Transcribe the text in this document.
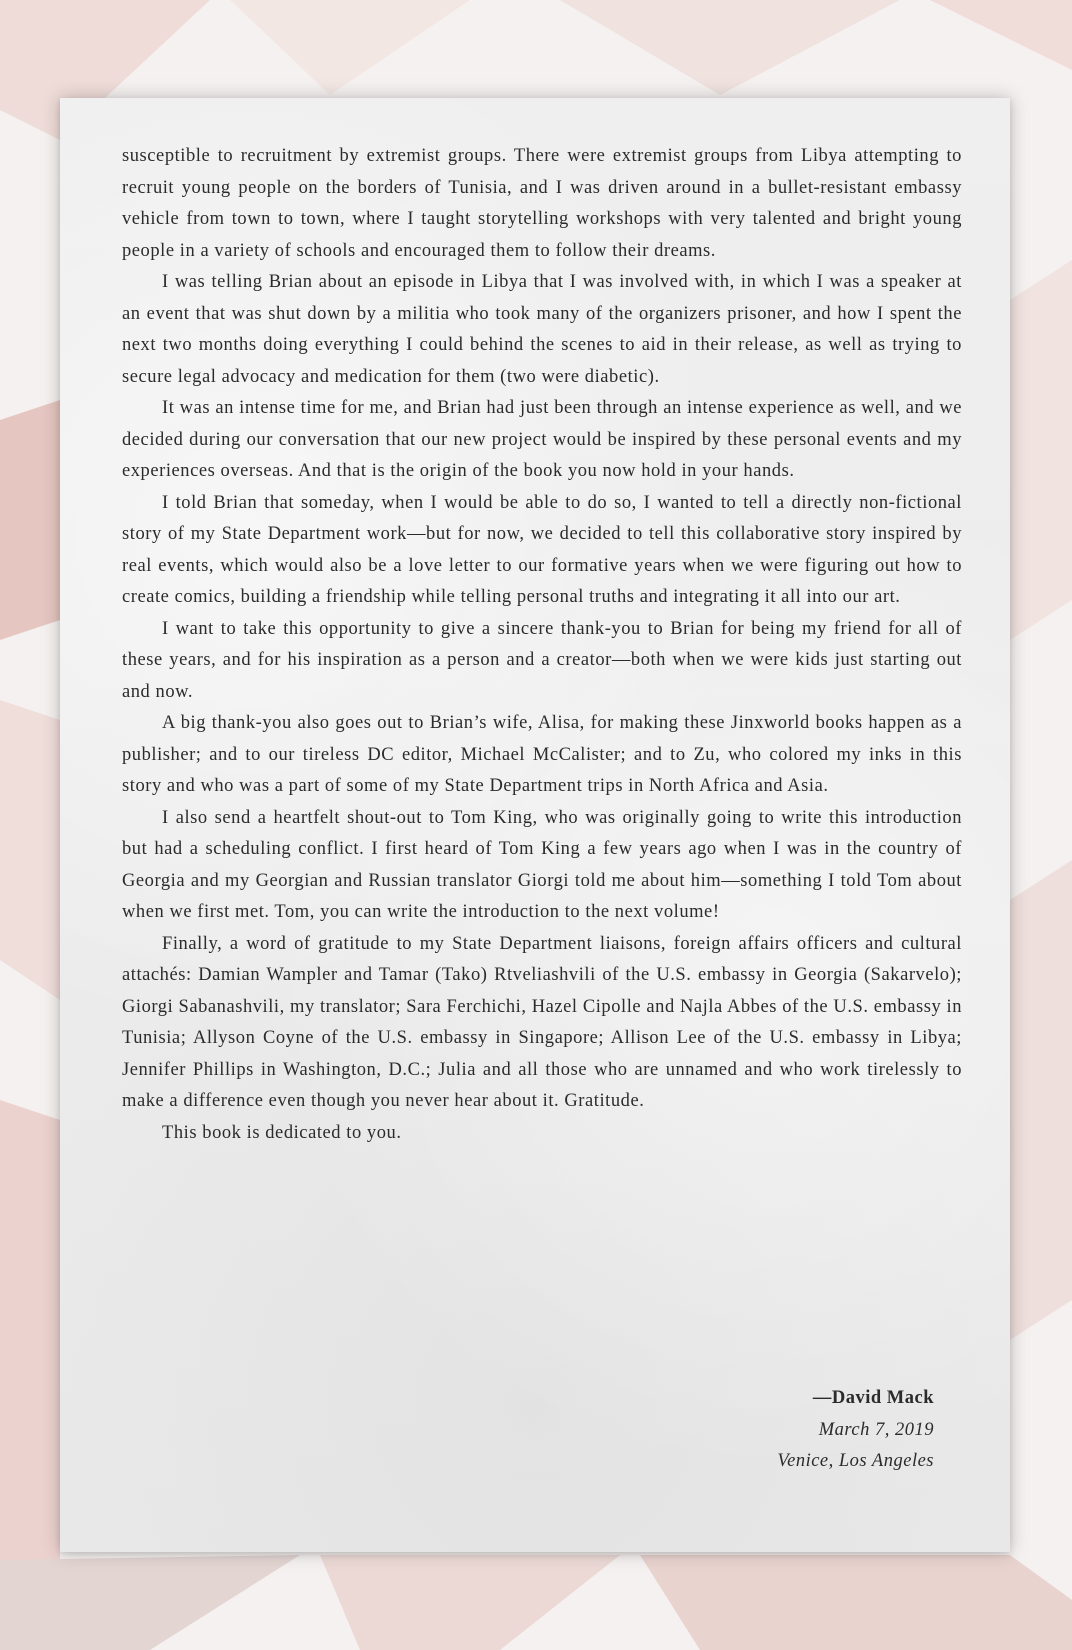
susceptible to recruitment by extremist groups. There were extremist groups from Libya attempting to recruit young people on the borders of Tunisia, and I was driven around in a bullet-resistant embassy vehicle from town to town, where I taught storytelling workshops with very talented and bright young people in a variety of schools and encouraged them to follow their dreams.

I was telling Brian about an episode in Libya that I was involved with, in which I was a speaker at an event that was shut down by a militia who took many of the organizers prisoner, and how I spent the next two months doing everything I could behind the scenes to aid in their release, as well as trying to secure legal advocacy and medication for them (two were diabetic).

It was an intense time for me, and Brian had just been through an intense experience as well, and we decided during our conversation that our new project would be inspired by these personal events and my experiences overseas. And that is the origin of the book you now hold in your hands.

I told Brian that someday, when I would be able to do so, I wanted to tell a directly non-fictional story of my State Department work—but for now, we decided to tell this collaborative story inspired by real events, which would also be a love letter to our formative years when we were figuring out how to create comics, building a friendship while telling personal truths and integrating it all into our art.

I want to take this opportunity to give a sincere thank-you to Brian for being my friend for all of these years, and for his inspiration as a person and a creator—both when we were kids just starting out and now.

A big thank-you also goes out to Brian’s wife, Alisa, for making these Jinxworld books happen as a publisher; and to our tireless DC editor, Michael McCalister; and to Zu, who colored my inks in this story and who was a part of some of my State Department trips in North Africa and Asia.

I also send a heartfelt shout-out to Tom King, who was originally going to write this introduction but had a scheduling conflict. I first heard of Tom King a few years ago when I was in the country of Georgia and my Georgian and Russian translator Giorgi told me about him—something I told Tom about when we first met. Tom, you can write the introduction to the next volume!

Finally, a word of gratitude to my State Department liaisons, foreign affairs officers and cultural attachés: Damian Wampler and Tamar (Tako) Rtveliashvili of the U.S. embassy in Georgia (Sakarvelo); Giorgi Sabanashvili, my translator; Sara Ferchichi, Hazel Cipolle and Najla Abbes of the U.S. embassy in Tunisia; Allyson Coyne of the U.S. embassy in Singapore; Allison Lee of the U.S. embassy in Libya; Jennifer Phillips in Washington, D.C.; Julia and all those who are unnamed and who work tirelessly to make a difference even though you never hear about it. Gratitude.

This book is dedicated to you.

—David Mack
March 7, 2019
Venice, Los Angeles
